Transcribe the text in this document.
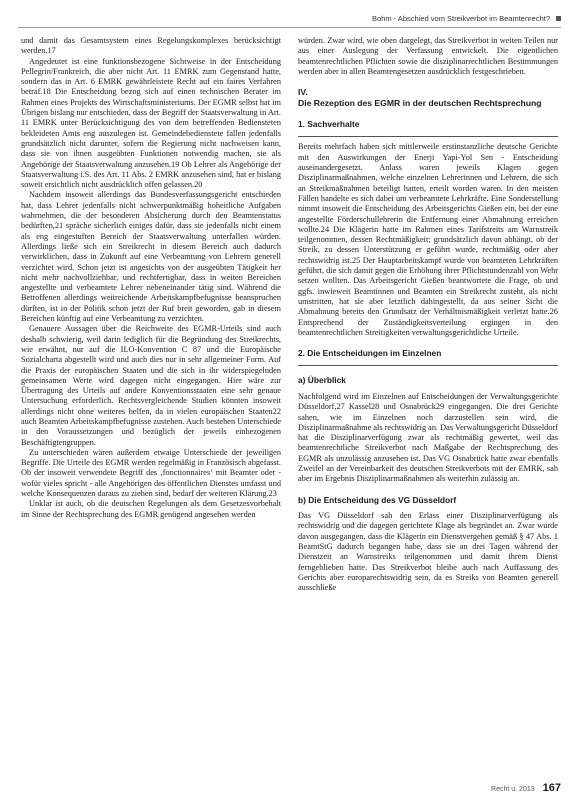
Bohm - Abschied vom Streikverbot im Beamtenrecht?

und damit das Gesamtsystem eines Regelungskomplexes berücksichtigt werden.17

Angedeutet ist eine funktionsbezogene Sichtweise in der Entscheidung Pellegrin/Frankreich, die aber nicht Art. 11 EMRK zum Gegenstand hatte, sondern das in Art. 6 EMRK gewährleistete Recht auf ein faires Verfahren betraf.18 Die Entscheidung bezog sich auf einen technischen Berater im Rahmen eines Projekts des Wirtschaftsministeriums. Der EGMR selbst hat im Übrigen bislang nur entschieden, dass der Begriff der Staatsverwaltung in Art. 11 EMRK unter Berücksichtigung des von dem betreffenden Bediensteten bekleideten Amts eng auszulegen ist. Gemeindebedienstete fallen jedenfalls grundsätzlich nicht darunter, sofern die Regierung nicht nachweisen kann, dass sie von ihnen ausgeübten Funktionen notwendig machen, sie als Angehörige der Staatsverwaltung anzusehen.19 Ob Lehrer als Angehörige der Staatsverwaltung i.S. des Art. 11 Abs. 2 EMRK anzusehen sind, hat er bislang soweit ersichtlich nicht ausdrücklich offen gelassen.20

Nachdem insoweit allerdings das Bundesverfassungsgericht entschieden hat, dass Lehrer jedenfalls nicht schwerpunktmäßig hoheitliche Aufgaben wahrnehmen, die der besonderen Absicherung durch den Beamtenstatus bedürften,21 spräche sicherlich einiges dafür, dass sie jedenfalls nicht einem als eng eingestuften Bereich der Staatsverwaltung unterfallen würden. Allerdings ließe sich ein Streikrecht in diesem Bereich auch dadurch verwirklichen, dass in Zukunft auf eine Verbeamtung von Lehrern generell verzichtet wird. Schon jetzt ist angesichts von der ausgeübten Tätigkeit her nicht mehr nachvollziehbar, und rechtfertigbar, dass in weiten Bereichen angestellte und verbeamtete Lehrer nebeneinander tätig sind. Während die Betroffenen allerdings weitreichende Arbeitskampfbefugnisse beanspruchen dürften, ist in der Politik schon jetzt der Ruf breit geworden, gab in diesem Bereichen künftig auf eine Verbeamtung zu verzichten.

Genauere Aussagen über die Reichweite des EGMR-Urteils sind auch deshalb schwierig, weil darin lediglich für die Begründung des Streikrechts, wie erwähnt, nur auf die ILO-Konvention C 87 und die Europäische Sozialcharta abgestellt wird und auch dies nur in sehr allgemeiner Form. Auf die Praxis der europäischen Staaten und die sich in ihr widerspiegelnden gemeinsamen Werte wird dagegen nicht eingegangen. Hier wäre zur Übertragung des Urteils auf andere Konventionsstaaten eine sehr genaue Untersuchung erforderlich. Rechtsvergleichende Studien könnten insoweit allerdings nicht ohne weiteres helfen, da in vielen europäischen Staaten22 auch Beamten Arbeitskampfbefugnisse zustehen. Auch bestehen Unterschiede in den Voraussetzungen und bezüglich der jeweils einbezogenen Beschäftigtengruppen.

Zu unterschieden wären außerdem etwaige Unterschiede der jeweiligen Begriffe. Die Urteile des EGMR werden regelmäßig in Französisch abgefasst. Ob der insoweit verwendete Begriff des ‚fonctionnaires‘ mit Beamter oder - wofür vieles spricht - alle Angehörigen des öffentlichen Dienstes umfasst und welche Konsequenzen daraus zu ziehen sind, bedarf der weiteren Klärung.23

Unklar ist auch, ob die deutschen Regelungen als dem Gesetzesvorbehalt im Sinne der Rechtsprechung des EGMR genügend angesehen werden

würden. Zwar wird, wie oben dargelegt, das Streikverbot in weiten Teilen nur aus einer Auslegung der Verfassung entwickelt. Die eigentlichen beamtenrechtlichen Pflichten sowie die disziplinarrechtlichen Bestimmungen werden aber in allen Beamtengesetzen ausdrücklich festgeschrieben.

IV.
Die Rezeption des EGMR in der deutschen Rechtsprechung
1. Sachverhalte

Bereits mehrfach haben sich mittlerweile erstinstanzliche deutsche Gerichte mit den Auswirkungen der Enerji Yapi-Yol Sen - Entscheidung auseinandergesetzt. Anlass waren jeweils Klagen gegen Disziplinarmaßnahmen, welche einzelnen Lehrerinnen und Lehrern, die sich an Streikmaßnahmen beteiligt hatten, erteilt worden waren. In den meisten Fällen handelte es sich dabei um verbeamtete Lehrkräfte. Eine Sonderstellung nimmt insoweit die Entscheidung des Arbeitsgerichts Gießen ein, bei der eine angestellte Förderschullehrerin die Entfernung einer Abmahnung erreichen wollte.24 Die Klägerin hatte im Rahmen eines Tarifstreits am Warnstreik teilgenommen, dessen Rechtmäßigkeit; grundsätzlich davon abhängt, ob der Streik, zu dessen Unterstützung er geführt wurde, rechtmäßig oder aber rechtswidrig ist.25 Der Hauptarbeitskampf wurde von beamteten Lehrkräften geführt, die sich damit gegen die Erhöhung ihrer Pflichtstundenzahl von Wehr setzen wollten. Das Arbeitsgericht Gießen beantwortete die Frage, ob und ggfs. inwieweit Beamtinnen und Beamten ein Streikrecht zusteht, als nicht umstritten, hat sie aber letztlich dahingestellt, da aus seiner Sicht die Abmahnung bereits den Grundsatz der Verhältnismäßigkeit verletzt hatte.26 Entsprechend der Zuständigkeitsverteilung ergingen in den beamtenrechtlichen Streitigkeiten verwaltungsgerichtliche Urteile.

2. Die Entscheidungen im Einzelnen
a) Überblick

Nachfolgend wird im Einzelnen auf Entscheidungen der Verwaltungsgerichte Düsseldorf,27 Kassel28 und Osnabrück29 eingegangen. Die drei Gerichte sahen, wie im Einzelnen noch darzustellen sein wird, die Disziplinarmaßnahme als rechtswidrig an. Das Verwaltungsgericht Düsseldorf hat die Disziplinarverfügung zwar als rechtmäßig gewertet, weil das beamtenrechtliche Streikverbot nach Maßgabe der Rechtsprechung des EGMR als unzulässig anzusehen ist. Das VG Osnabrück hatte zwar ebenfalls Zweifel an der Vereinbarkeit des deutschen Streikverbots mit der EMRK, sah aber im Ergebnis Disziplinarmaßnahmen als weiterhin zulässig an.

b) Die Entscheidung des VG Düsseldorf

Das VG Düsseldorf sah den Erlass einer Disziplinarverfügung als rechtswidrig und die dagegen gerichtete Klage als begründet an. Zwar wurde davon ausgegangen, dass die Klägerin ein Dienstvergehen gemäß § 47 Abs. 1 BeamtStG dadurch begangen habe, dass sie an drei Tagen während der Dienstzeit an Warnstreiks teilgenommen und damit ihrem Dienst ferngeblieben hatte. Das Streikverbot bleibe auch nach Auffassung des Gerichts aber europarechtswidrig sein, da es Streiks von Beamten generell ausschließe

Recht u. 2013 167
